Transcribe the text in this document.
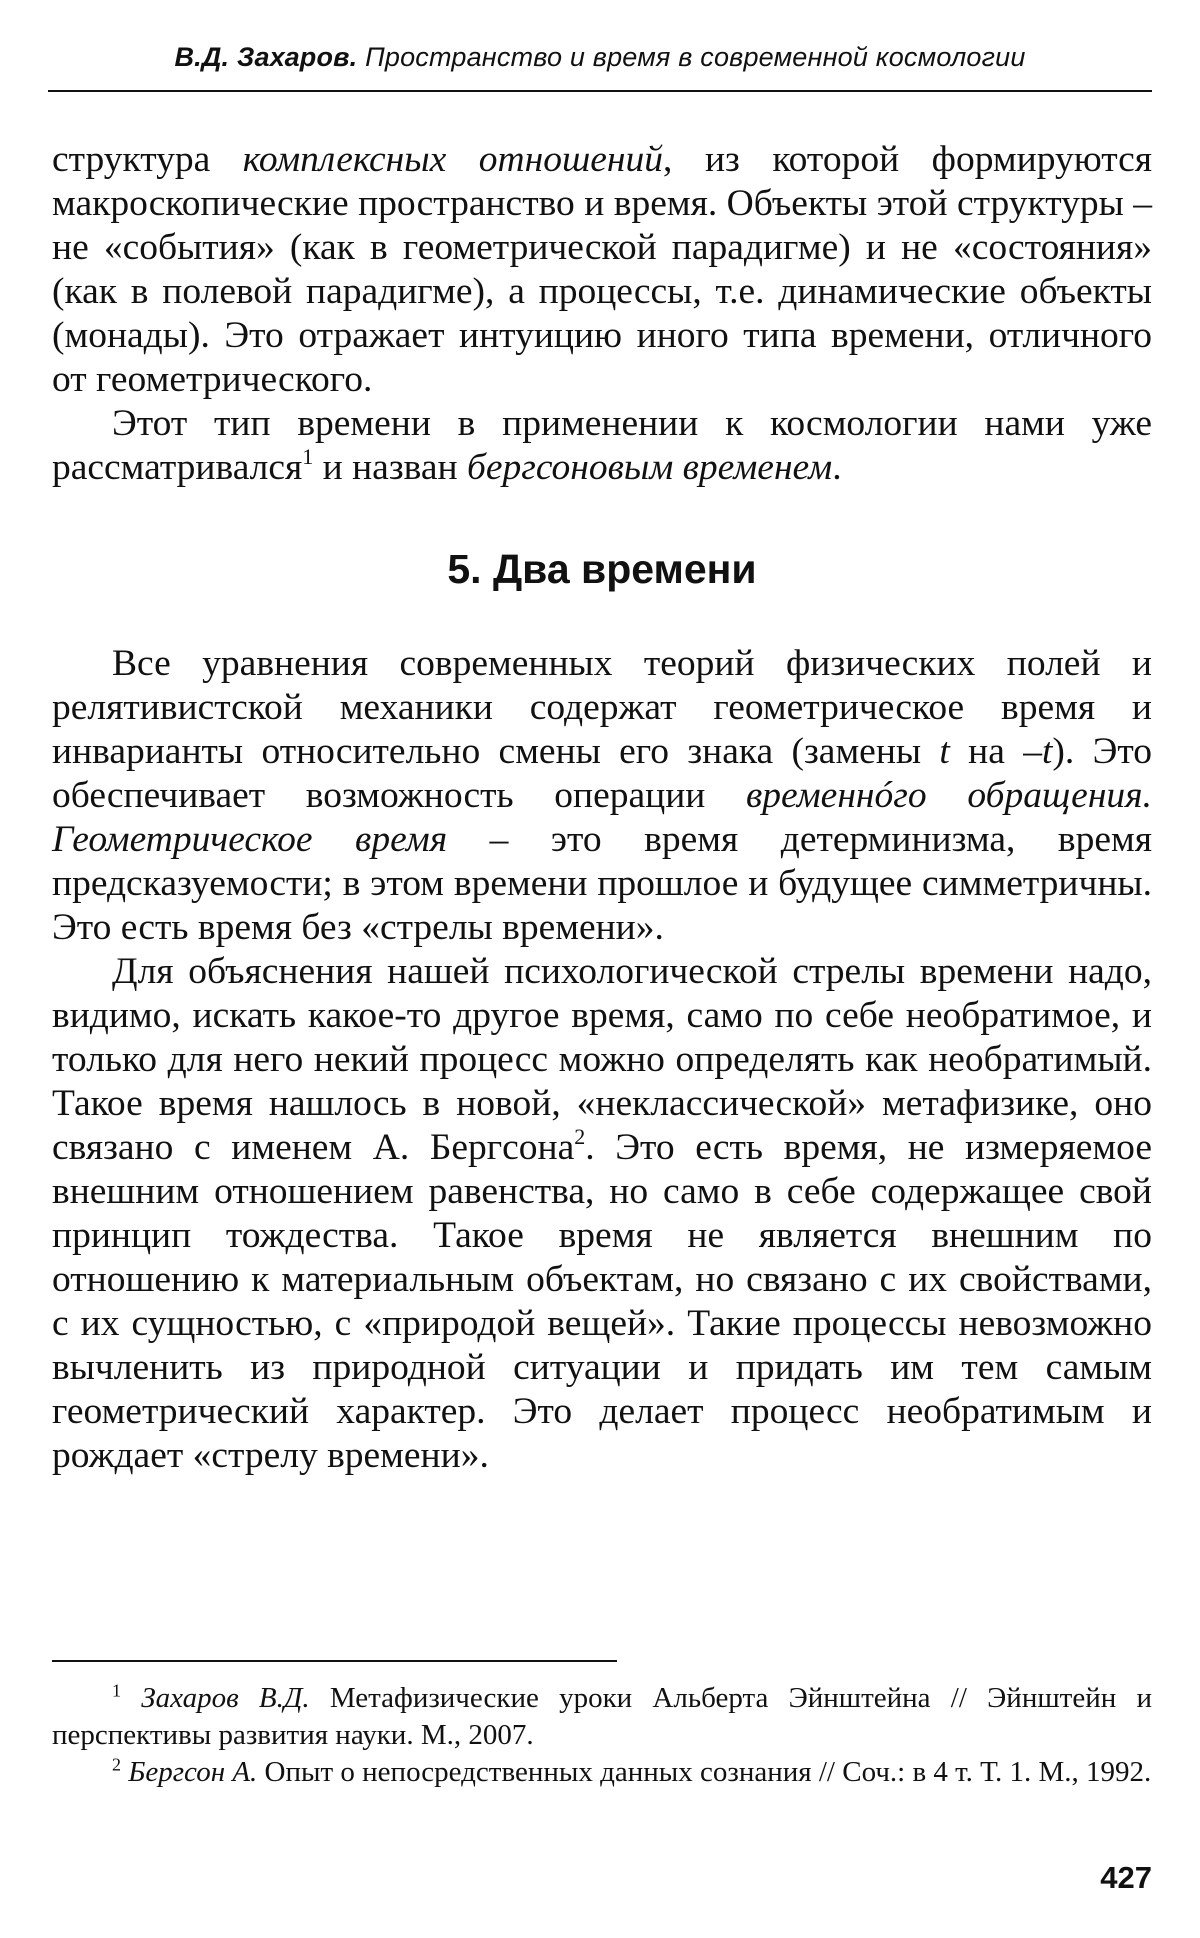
В.Д. Захаров. Пространство и время в современной космологии

структура комплексных отношений, из которой формируются макроскопические пространство и время. Объекты этой структуры – не «события» (как в геометрической парадигме) и не «состояния» (как в полевой парадигме), а процессы, т.е. динамические объекты (монады). Это отражает интуицию иного типа времени, отличного от геометрического.

Этот тип времени в применении к космологии нами уже рассматривался$^1$ и назван бергсоновым временем.

5. Два времени

Все уравнения современных теорий физических полей и релятивистской механики содержат геометрическое время и инварианты относительно смены его знака (замены t на –t). Это обеспечивает возможность операции временнóго обращения. Геометрическое время – это время детерминизма, время предсказуемости; в этом времени прошлое и будущее симметричны. Это есть время без «стрелы времени».

Для объяснения нашей психологической стрелы времени надо, видимо, искать какое-то другое время, само по себе необратимое, и только для него некий процесс можно определять как необратимый. Такое время нашлось в новой, «неклассической» метафизике, оно связано с именем А. Бергсона$^2$. Это есть время, не измеряемое внешним отношением равенства, но само в себе содержащее свой принцип тождества. Такое время не является внешним по отношению к материальным объектам, но связано с их свойствами, с их сущностью, с «природой вещей». Такие процессы невозможно вычленить из природной ситуации и придать им тем самым геометрический характер. Это делает процесс необратимым и рождает «стрелу времени».

$^1$ Захаров В.Д. Метафизические уроки Альберта Эйнштейна // Эйнштейн и перспективы развития науки. М., 2007.

$^2$ Бергсон А. Опыт о непосредственных данных сознания // Соч.: в 4 т. Т. 1. М., 1992.

427
